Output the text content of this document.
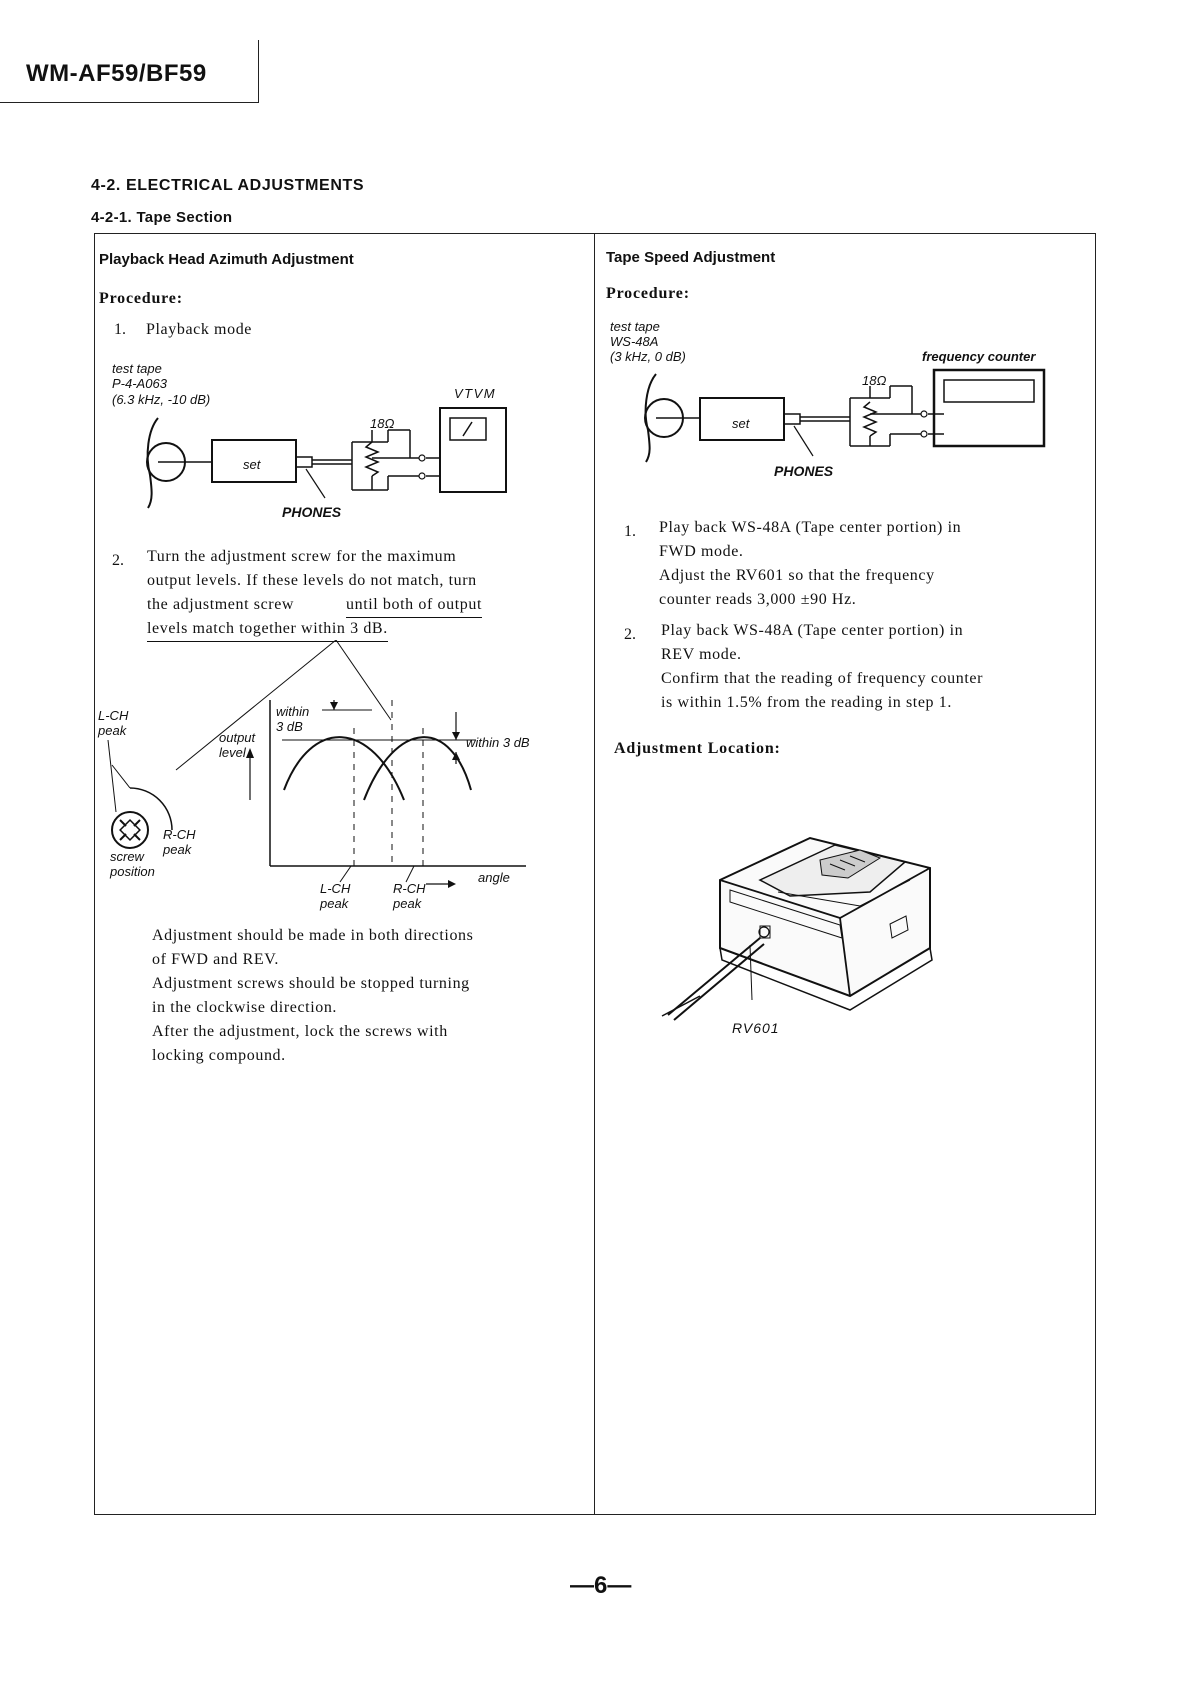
WM-AF59/BF59
4-2. ELECTRICAL ADJUSTMENTS
4-2-1. Tape Section
Playback Head Azimuth Adjustment
Procedure:
1. Playback mode
test tape
P-4-A063
(6.3 kHz, -10 dB)	VTVM
18Ω
set
PHONES
2. Turn the adjustment screw for the maximum
output levels. If these levels do not match, turn
the adjustment screw	until both of output
levels match together within 3 dB.
L-CH
peak	output
level
within
3 dB
within 3 dB
R-CH
peak
screw
position	angle
L-CH
peak
R-CH
peak
Adjustment should be made in both directions
of FWD and REV.
Adjustment screws should be stopped turning
in the clockwise direction.
After the adjustment, lock the screws with
locking compound.
Tape Speed Adjustment
Procedure:
test tape
WS-48A
(3 kHz, 0 dB)	frequency counter
18Ω
set
PHONES
1. Play back WS-48A (Tape center portion) in
FWD mode.
Adjust the RV601 so that the frequency
counter reads 3,000 ±90 Hz.
2. Play back WS-48A (Tape center portion) in
REV mode.
Confirm that the reading of frequency counter
is within 1.5% from the reading in step 1.
Adjustment Location:
RV601
—6—
